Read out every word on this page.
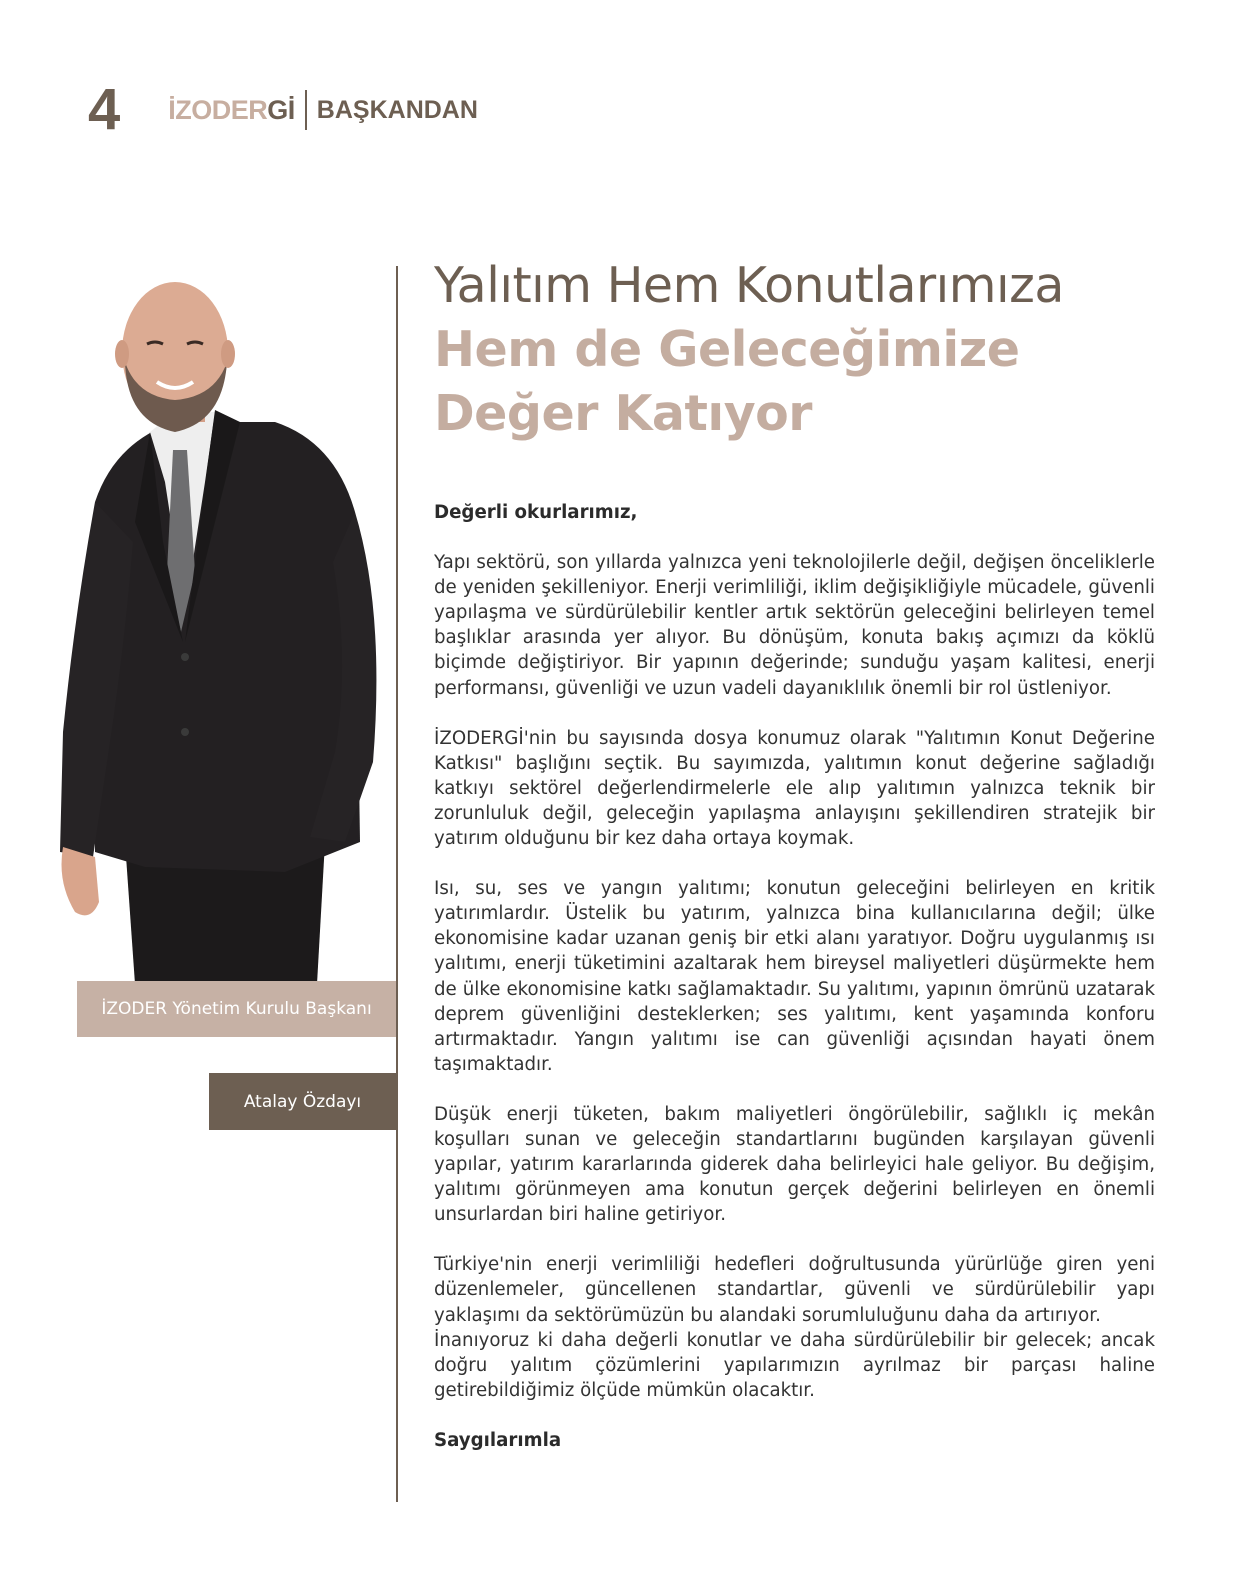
4 İZODERGİ BAŞKANDAN
İZODER Yönetim Kurulu Başkanı
Atalay Özdayı
Yalıtım Hem Konutlarımıza
Hem de Geleceğimize
Değer Katıyor

Değerli okurlarımız,

Yapı sektörü, son yıllarda yalnızca yeni teknolojilerle değil, değişen önceliklerle de yeniden şekilleniyor. Enerji verimliliği, iklim değişikliğiyle mücadele, güvenli yapılaşma ve sürdürülebilir kentler artık sektörün geleceğini belirleyen temel başlıklar arasında yer alıyor. Bu dönüşüm, konuta bakış açımızı da köklü biçimde değiştiriyor. Bir yapının değerinde; sunduğu yaşam kalitesi, enerji performansı, güvenliği ve uzun vadeli dayanıklılık önemli bir rol üstleniyor.

İZODERGİ'nin bu sayısında dosya konumuz olarak "Yalıtımın Konut Değerine Katkısı" başlığını seçtik. Bu sayımızda, yalıtımın konut değerine sağladığı katkıyı sektörel değerlendirmelerle ele alıp yalıtımın yalnızca teknik bir zorunluluk değil, geleceğin yapılaşma anlayışını şekillendiren stratejik bir yatırım olduğunu bir kez daha ortaya koymak.

Isı, su, ses ve yangın yalıtımı; konutun geleceğini belirleyen en kritik yatırımlardır. Üstelik bu yatırım, yalnızca bina kullanıcılarına değil; ülke ekonomisine kadar uzanan geniş bir etki alanı yaratıyor. Doğru uygulanmış ısı yalıtımı, enerji tüketimini azaltarak hem bireysel maliyetleri düşürmekte hem de ülke ekonomisine katkı sağlamaktadır. Su yalıtımı, yapının ömrünü uzatarak deprem güvenliğini desteklerken; ses yalıtımı, kent yaşamında konforu artırmaktadır. Yangın yalıtımı ise can güvenliği açısından hayati önem taşımaktadır.

Düşük enerji tüketen, bakım maliyetleri öngörülebilir, sağlıklı iç mekân koşulları sunan ve geleceğin standartlarını bugünden karşılayan güvenli yapılar, yatırım kararlarında giderek daha belirleyici hale geliyor. Bu değişim, yalıtımı görünmeyen ama konutun gerçek değerini belirleyen en önemli unsurlardan biri haline getiriyor.

Türkiye'nin enerji verimliliği hedefleri doğrultusunda yürürlüğe giren yeni düzenlemeler, güncellenen standartlar, güvenli ve sürdürülebilir yapı yaklaşımı da sektörümüzün bu alandaki sorumluluğunu daha da artırıyor.
İnanıyoruz ki daha değerli konutlar ve daha sürdürülebilir bir gelecek; ancak doğru yalıtım çözümlerini yapılarımızın ayrılmaz bir parçası haline getirebildiğimiz ölçüde mümkün olacaktır.

Saygılarımla
